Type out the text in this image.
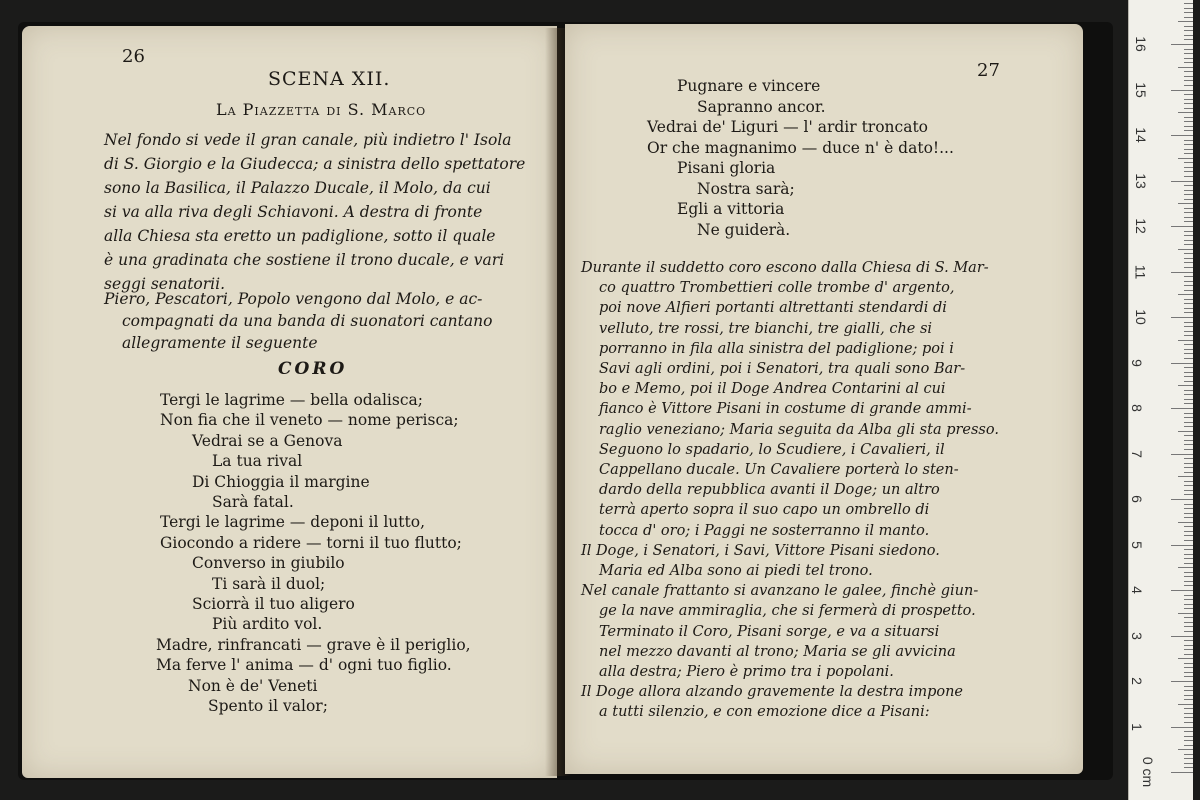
26
SCENA XII.
La Piazzetta di S. Marco
Nel fondo si vede il gran canale, più indietro l' Isola
di S. Giorgio e la Giudecca; a sinistra dello spettatore
sono la Basilica, il Palazzo Ducale, il Molo, da cui
si va alla riva degli Schiavoni. A destra di fronte
alla Chiesa sta eretto un padiglione, sotto il quale
è una gradinata che sostiene il trono ducale, e vari
seggi senatorii.
Piero, Pescatori, Popolo vengono dal Molo, e ac-
compagnati da una banda di suonatori cantano
allegramente il seguente
CORO
Tergi le lagrime — bella odalisca;
Non fia che il veneto — nome perisca;
Vedrai se a Genova
La tua rival
Di Chioggia il margine
Sarà fatal.
Tergi le lagrime — deponi il lutto,
Giocondo a ridere — torni il tuo flutto;
Converso in giubilo
Ti sarà il duol;
Sciorrà il tuo aligero
Più ardito vol.
Madre, rinfrancati — grave è il periglio,
Ma ferve l' anima — d' ogni tuo figlio.
Non è de' Veneti
Spento il valor;
27
Pugnare e vincere
Sapranno ancor.
Vedrai de' Liguri — l' ardir troncato
Or che magnanimo — duce n' è dato!...
Pisani gloria
Nostra sarà;
Egli a vittoria
Ne guiderà.
Durante il suddetto coro escono dalla Chiesa di S. Mar-
co quattro Trombettieri colle trombe d' argento,
poi nove Alfieri portanti altrettanti stendardi di
velluto, tre rossi, tre bianchi, tre gialli, che si
porranno in fila alla sinistra del padiglione; poi i
Savi agli ordini, poi i Senatori, tra quali sono Bar-
bo e Memo, poi il Doge Andrea Contarini al cui
fianco è Vittore Pisani in costume di grande ammi-
raglio veneziano; Maria seguita da Alba gli sta presso.
Seguono lo spadario, lo Scudiere, i Cavalieri, il
Cappellano ducale. Un Cavaliere porterà lo sten-
dardo della repubblica avanti il Doge; un altro
terrà aperto sopra il suo capo un ombrello di
tocca d' oro; i Paggi ne sosterranno il manto.
Il Doge, i Senatori, i Savi, Vittore Pisani siedono.
Maria ed Alba sono ai piedi tel trono.
Nel canale frattanto si avanzano le galee, finchè giun-
ge la nave ammiraglia, che si fermerà di prospetto.
Terminato il Coro, Pisani sorge, e va a situarsi
nel mezzo davanti al trono; Maria se gli avvicina
alla destra; Piero è primo tra i popolani.
Il Doge allora alzando gravemente la destra impone
a tutti silenzio, e con emozione dice a Pisani:
16
15
14
13
12
11
10
9
8
7
6
5
4
3
2
1
0 cm
